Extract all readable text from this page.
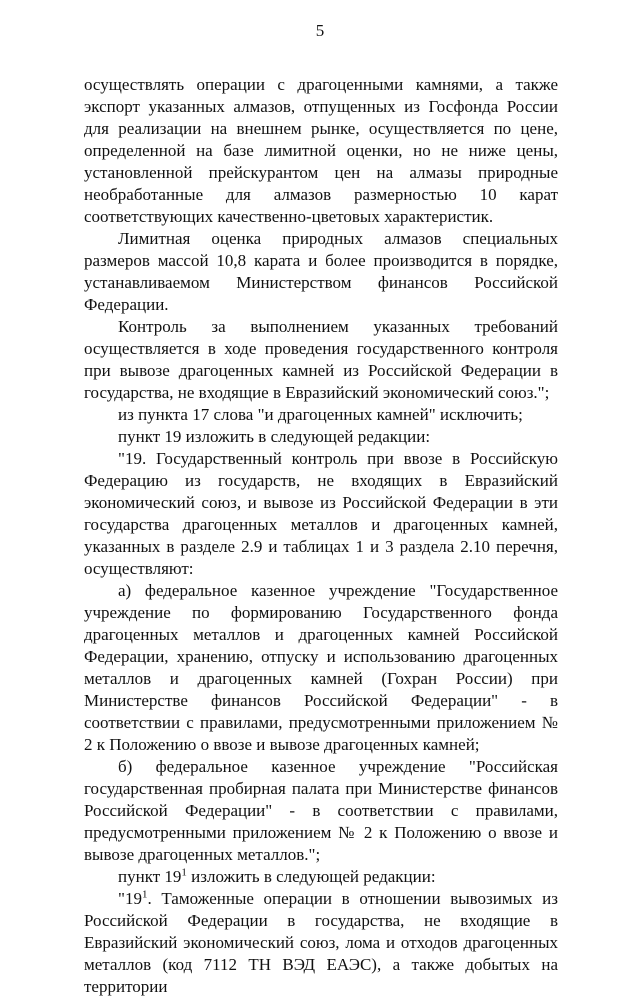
5

осуществлять операции с драгоценными камнями, а также экспорт указанных алмазов, отпущенных из Госфонда России для реализации на внешнем рынке, осуществляется по цене, определенной на базе лимитной оценки, но не ниже цены, установленной прейскурантом цен на алмазы природные необработанные для алмазов размерностью 10 карат соответствующих качественно-цветовых характеристик.

Лимитная оценка природных алмазов специальных размеров массой 10,8 карата и более производится в порядке, устанавливаемом Министерством финансов Российской Федерации.

Контроль за выполнением указанных требований осуществляется в ходе проведения государственного контроля при вывозе драгоценных камней из Российской Федерации в государства, не входящие в Евразийский экономический союз.";

из пункта 17 слова "и драгоценных камней" исключить;

пункт 19 изложить в следующей редакции:

"19. Государственный контроль при ввозе в Российскую Федерацию из государств, не входящих в Евразийский экономический союз, и вывозе из Российской Федерации в эти государства драгоценных металлов и драгоценных камней, указанных в разделе 2.9 и таблицах 1 и 3 раздела 2.10 перечня, осуществляют:

а) федеральное казенное учреждение "Государственное учреждение по формированию Государственного фонда драгоценных металлов и драгоценных камней Российской Федерации, хранению, отпуску и использованию драгоценных металлов и драгоценных камней (Гохран России) при Министерстве финансов Российской Федерации" - в соответствии с правилами, предусмотренными приложением № 2 к Положению о ввозе и вывозе драгоценных камней;

б) федеральное казенное учреждение "Российская государственная пробирная палата при Министерстве финансов Российской Федерации" - в соответствии с правилами, предусмотренными приложением № 2 к Положению о ввозе и вывозе драгоценных металлов.";

пункт $19^1$ изложить в следующей редакции:

"$19^1$. Таможенные операции в отношении вывозимых из Российской Федерации в государства, не входящие в Евразийский экономический союз, лома и отходов драгоценных металлов (код 7112 ТН ВЭД ЕАЭС), а также добытых на территории
